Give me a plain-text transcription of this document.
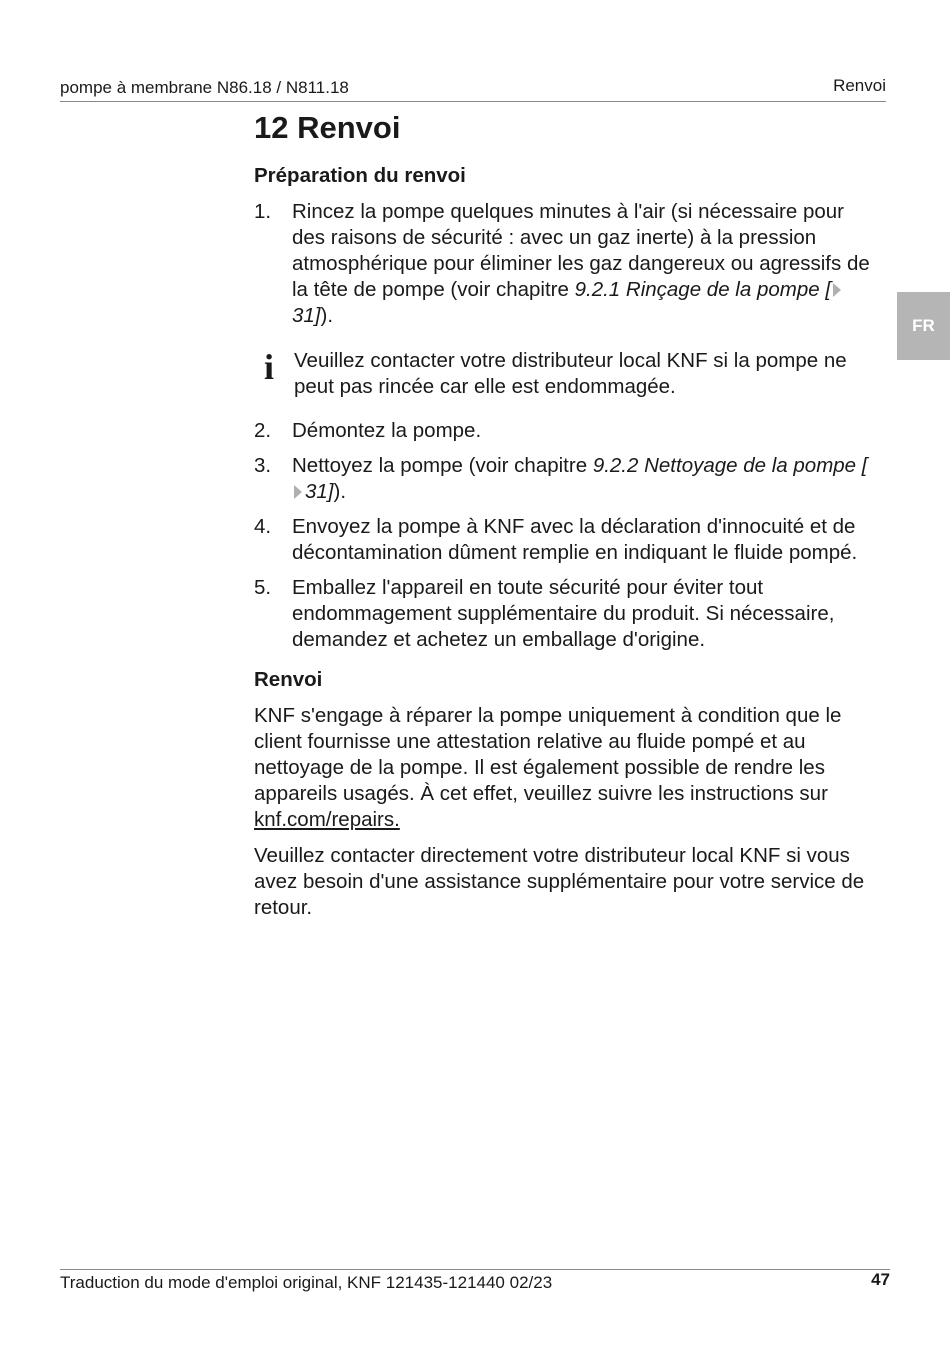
pompe à membrane N86.18 / N811.18	Renvoi
FR
12 Renvoi
Préparation du renvoi
1.	Rincez la pompe quelques minutes à l'air (si nécessaire pour des raisons de sécurité : avec un gaz inerte) à la pression atmosphérique pour éliminer les gaz dangereux ou agressifs de la tête de pompe (voir chapitre 9.2.1 Rinçage de la pompe [31]).
i Veuillez contacter votre distributeur local KNF si la pompe ne peut pas rincée car elle est endommagée.
2.	Démontez la pompe.
3.	Nettoyez la pompe (voir chapitre 9.2.2 Nettoyage de la pompe [31]).
4.	Envoyez la pompe à KNF avec la déclaration d'innocuité et de décontamination dûment remplie en indiquant le fluide pompé.
5.	Emballez l'appareil en toute sécurité pour éviter tout endommagement supplémentaire du produit. Si nécessaire, demandez et achetez un emballage d'origine.
Renvoi

KNF s'engage à réparer la pompe uniquement à condition que le client fournisse une attestation relative au fluide pompé et au nettoyage de la pompe. Il est également possible de rendre les appareils usagés. À cet effet, veuillez suivre les instructions sur knf.com/repairs.

Veuillez contacter directement votre distributeur local KNF si vous avez besoin d'une assistance supplémentaire pour votre service de retour.

Traduction du mode d'emploi original, KNF 121435-121440 02/23	47
